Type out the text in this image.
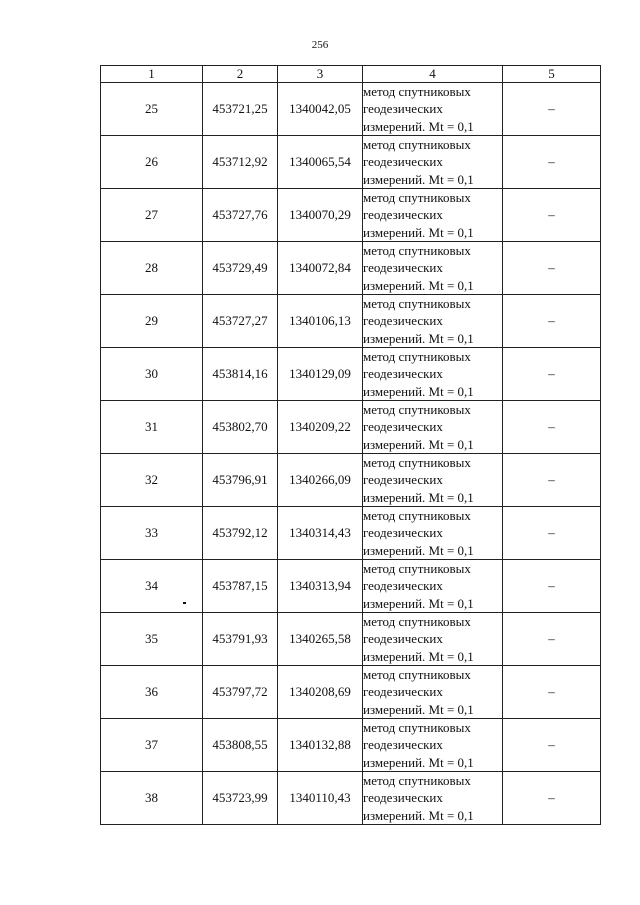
256
1	2	3	4	5
25	453721,25	1340042,05	метод спутниковых
геодезических
измерений. Mt = 0,1	–
26	453712,92	1340065,54	метод спутниковых
геодезических
измерений. Mt = 0,1	–
27	453727,76	1340070,29	метод спутниковых
геодезических
измерений. Mt = 0,1	–
28	453729,49	1340072,84	метод спутниковых
геодезических
измерений. Mt = 0,1	–
29	453727,27	1340106,13	метод спутниковых
геодезических
измерений. Mt = 0,1	–
30	453814,16	1340129,09	метод спутниковых
геодезических
измерений. Mt = 0,1	–
31	453802,70	1340209,22	метод спутниковых
геодезических
измерений. Mt = 0,1	–
32	453796,91	1340266,09	метод спутниковых
геодезических
измерений. Mt = 0,1	–
33	453792,12	1340314,43	метод спутниковых
геодезических
измерений. Mt = 0,1	–
34	453787,15	1340313,94	метод спутниковых
геодезических
измерений. Mt = 0,1	–
35	453791,93	1340265,58	метод спутниковых
геодезических
измерений. Mt = 0,1	–
36	453797,72	1340208,69	метод спутниковых
геодезических
измерений. Mt = 0,1	–
37	453808,55	1340132,88	метод спутниковых
геодезических
измерений. Mt = 0,1	–
38	453723,99	1340110,43	метод спутниковых
геодезических
измерений. Mt = 0,1	–
